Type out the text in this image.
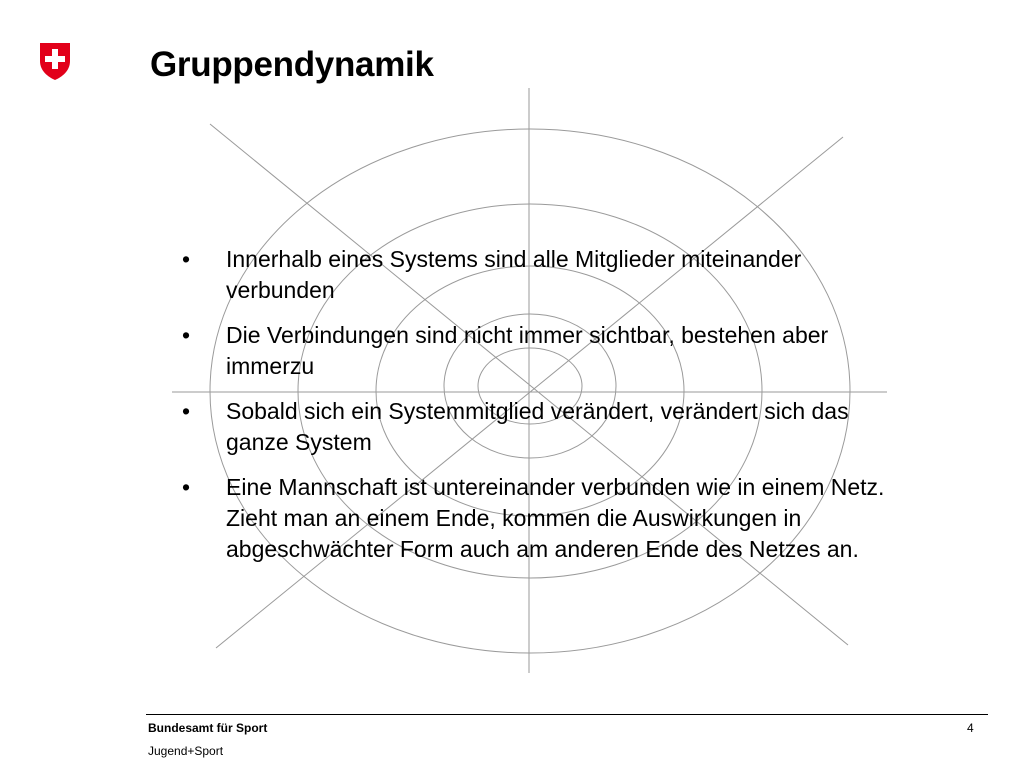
Gruppendynamik
• Innerhalb eines Systems sind alle Mitglieder miteinander verbunden
• Die Verbindungen sind nicht immer sichtbar, bestehen aber immerzu
• Sobald sich ein Systemmitglied verändert, verändert sich das ganze System
• Eine Mannschaft ist untereinander verbunden wie in einem Netz. Zieht man an einem Ende, kommen die Auswirkungen in abgeschwächter Form auch am anderen Ende des Netzes an.
Bundesamt für Sport
Jugend+Sport
4
